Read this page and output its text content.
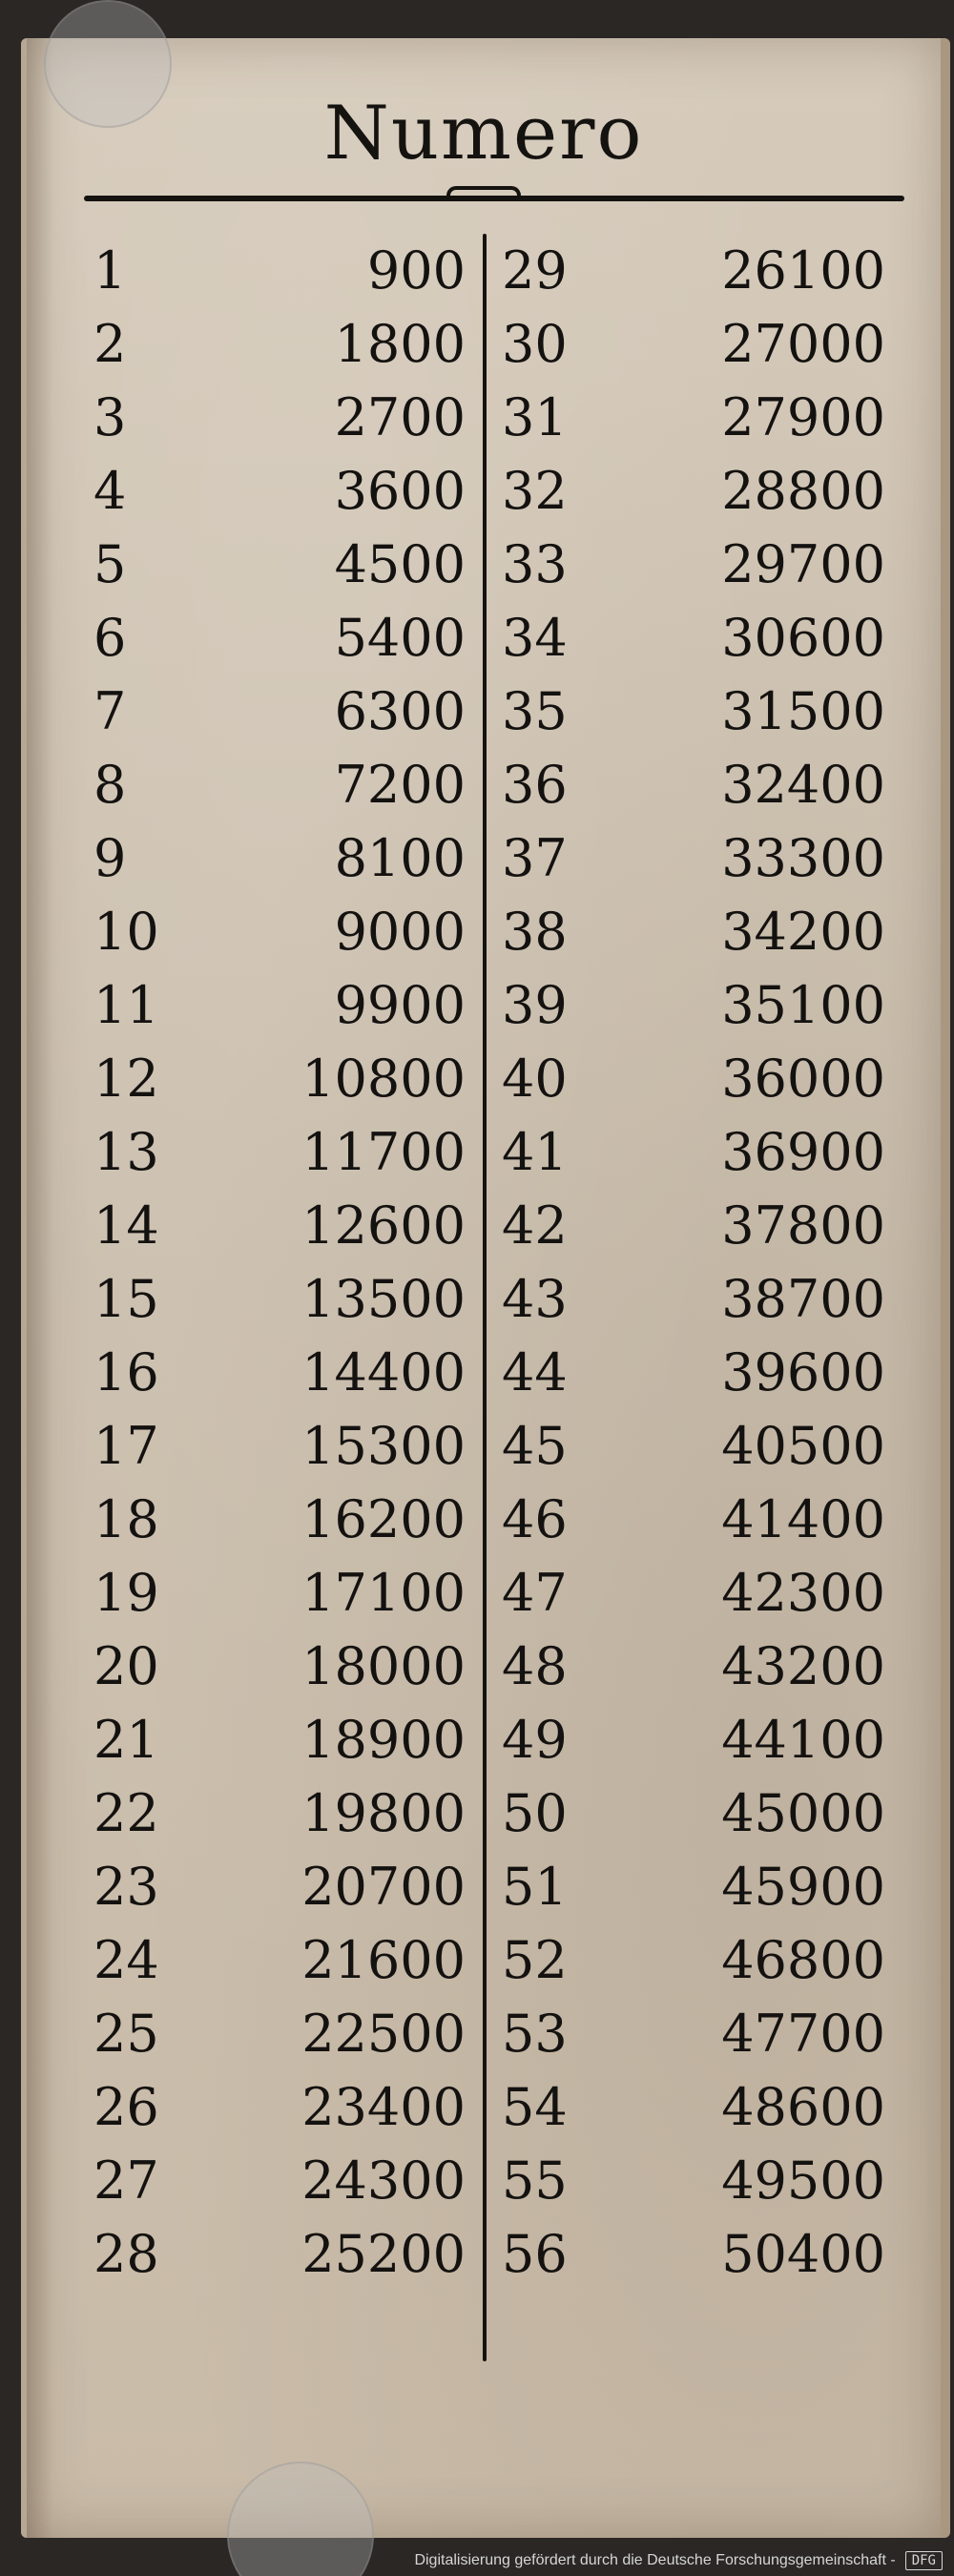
Numero
1	900 29	26100
2	1800 30	27000
3	2700 31	27900
4	3600 32	28800
5	4500 33	29700
6	5400 34	30600
7	6300 35	31500
8	7200 36	32400
9	8100 37	33300
10	9000 38	34200
11	9900 39	35100
12	10800 40	36000
13	11700 41	36900
14	12600 42	37800
15	13500 43	38700
16	14400 44	39600
17	15300 45	40500
18	16200 46	41400
19	17100 47	42300
20	18000 48	43200
21	18900 49	44100
22	19800 50	45000
23	20700 51	45900
24	21600 52	46800
25	22500 53	47700
26	23400 54	48600
27	24300 55	49500
28	25200 56	50400
Digitalisierung gefördert durch die Deutsche Forschungsgemeinschaft -	DFG
